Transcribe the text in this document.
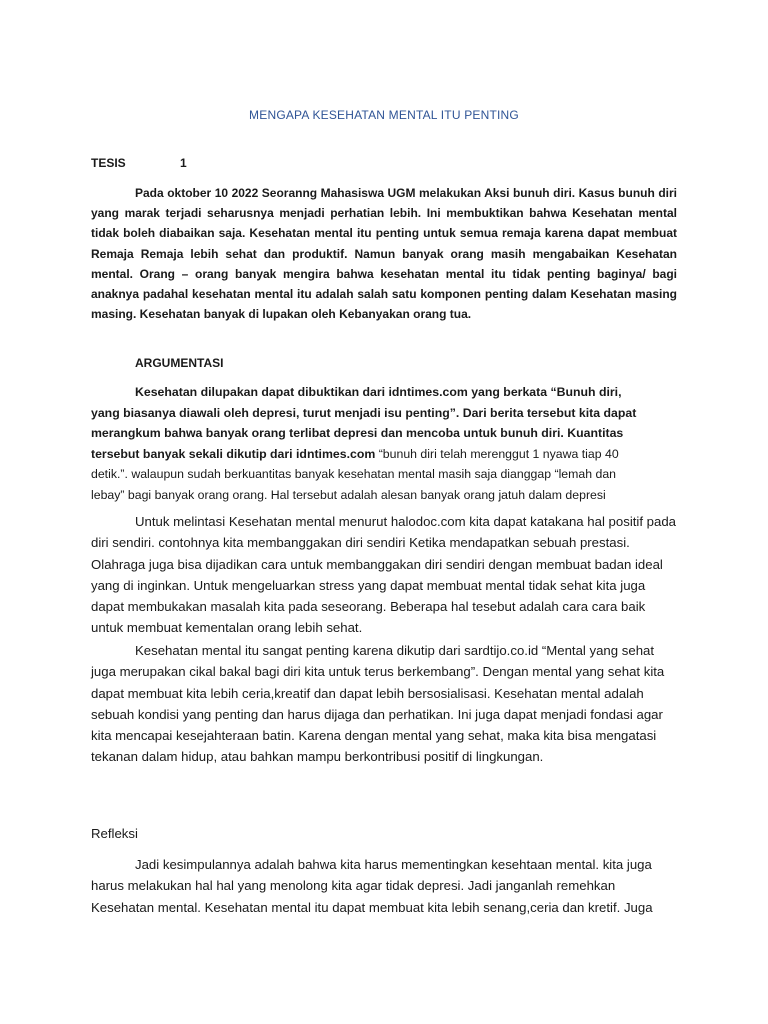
MENGAPA KESEHATAN MENTAL ITU PENTING
TESIS	1

Pada oktober 10 2022 Seoranng Mahasiswa UGM melakukan Aksi bunuh diri. Kasus bunuh diri yang marak terjadi seharusnya menjadi perhatian lebih. Ini membuktikan bahwa Kesehatan mental tidak boleh diabaikan saja. Kesehatan mental itu penting untuk semua remaja karena dapat membuat Remaja Remaja lebih sehat dan produktif. Namun banyak orang masih mengabaikan Kesehatan mental. Orang – orang banyak mengira bahwa kesehatan mental itu tidak penting baginya/ bagi anaknya padahal kesehatan mental itu adalah salah satu komponen penting dalam Kesehatan masing masing. Kesehatan banyak di lupakan oleh Kebanyakan orang tua.

ARGUMENTASI

Kesehatan dilupakan dapat dibuktikan dari idntimes.com yang berkata “Bunuh diri, yang biasanya diawali oleh depresi, turut menjadi isu penting”. Dari berita tersebut kita dapat merangkum bahwa banyak orang terlibat depresi dan mencoba untuk bunuh diri. Kuantitas tersebut banyak sekali dikutip dari idntimes.com “bunuh diri telah merenggut 1 nyawa tiap 40 detik.”. walaupun sudah berkuantitas banyak kesehatan mental masih saja dianggap “lemah dan lebay” bagi banyak orang orang. Hal tersebut adalah alesan banyak orang jatuh dalam depresi

Untuk melintasi Kesehatan mental menurut halodoc.com kita dapat katakana hal positif pada diri sendiri. contohnya kita membanggakan diri sendiri Ketika mendapatkan sebuah prestasi. Olahraga juga bisa dijadikan cara untuk membanggakan diri sendiri dengan membuat badan ideal yang di inginkan. Untuk mengeluarkan stress yang dapat membuat mental tidak sehat kita juga dapat membukakan masalah kita pada seseorang. Beberapa hal tesebut adalah cara cara baik untuk membuat kementalan orang lebih sehat.

Kesehatan mental itu sangat penting karena dikutip dari sardtijo.co.id “Mental yang sehat juga merupakan cikal bakal bagi diri kita untuk terus berkembang”. Dengan mental yang sehat kita dapat membuat kita lebih ceria,kreatif dan dapat lebih bersosialisasi. Kesehatan mental adalah sebuah kondisi yang penting dan harus dijaga dan perhatikan. Ini juga dapat menjadi fondasi agar kita mencapai kesejahteraan batin. Karena dengan mental yang sehat, maka kita bisa mengatasi tekanan dalam hidup, atau bahkan mampu berkontribusi positif di lingkungan.

Refleksi

Jadi kesimpulannya adalah bahwa kita harus mementingkan kesehtaan mental. kita juga harus melakukan hal hal yang menolong kita agar tidak depresi. Jadi janganlah remehkan Kesehatan mental. Kesehatan mental itu dapat membuat kita lebih senang,ceria dan kretif. Juga
